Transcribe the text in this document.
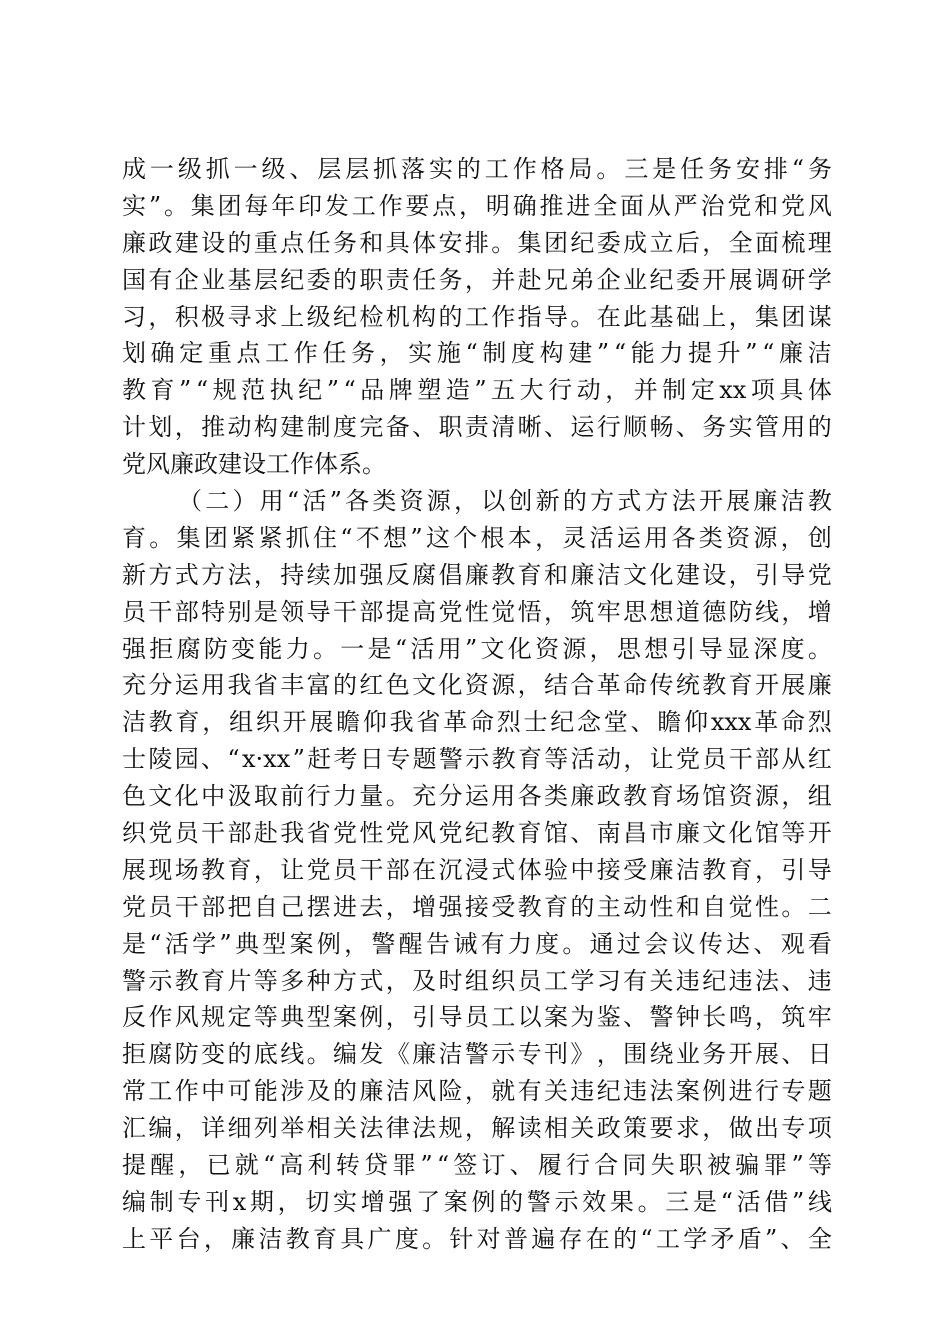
成 一 级 抓 一 级 、 层 层 抓 落 实 的 工 作 格 局 。 三 是 任 务 安 排 “ 务
实 ” 。 集 团 每 年 印 发 工 作 要 点 ， 明 确 推 进 全 面 从 严 治 党 和 党 风
廉 政 建 设 的 重 点 任 务 和 具 体 安 排 。 集 团 纪 委 成 立 后 ， 全 面 梳 理
国 有 企 业 基 层 纪 委 的 职 责 任 务 ， 并 赴 兄 弟 企 业 纪 委 开 展 调 研 学
习 ， 积 极 寻 求 上 级 纪 检 机 构 的 工 作 指 导 。 在 此 基 础 上 ， 集 团 谋
划 确 定 重 点 工 作 任 务 ， 实 施 “ 制 度 构 建 ” “ 能 力 提 升 ” “ 廉 洁
教 育 ” “ 规 范 执 纪 ” “ 品 牌 塑 造 ” 五 大 行 动 ， 并 制 定 xx 项 具 体
计 划 ， 推 动 构 建 制 度 完 备 、 职 责 清 晰 、 运 行 顺 畅 、 务 实 管 用 的
党风廉政建设工作体系。
（ 二 ） 用 “ 活 ” 各 类 资 源 ， 以 创 新 的 方 式 方 法 开 展 廉 洁 教
育 。 集 团 紧 紧 抓 住 “ 不 想 ” 这 个 根 本 ， 灵 活 运 用 各 类 资 源 ， 创
新 方 式 方 法 ， 持 续 加 强 反 腐 倡 廉 教 育 和 廉 洁 文 化 建 设 ， 引 导 党
员 干 部 特 别 是 领 导 干 部 提 高 党 性 觉 悟 ， 筑 牢 思 想 道 德 防 线 ， 增
强 拒 腐 防 变 能 力 。 一 是 “ 活 用 ” 文 化 资 源 ， 思 想 引 导 显 深 度 。
充 分 运 用 我 省 丰 富 的 红 色 文 化 资 源 ， 结 合 革 命 传 统 教 育 开 展 廉
洁 教 育 ， 组 织 开 展 瞻 仰 我 省 革 命 烈 士 纪 念 堂 、 瞻 仰 xxx 革 命 烈
士 陵 园 、 “ x·xx ” 赶 考 日 专 题 警 示 教 育 等 活 动 ， 让 党 员 干 部 从 红
色 文 化 中 汲 取 前 行 力 量 。 充 分 运 用 各 类 廉 政 教 育 场 馆 资 源 ， 组
织 党 员 干 部 赴 我 省 党 性 党 风 党 纪 教 育 馆 、 南 昌 市 廉 文 化 馆 等 开
展 现 场 教 育 ， 让 党 员 干 部 在 沉 浸 式 体 验 中 接 受 廉 洁 教 育 ， 引 导
党 员 干 部 把 自 己 摆 进 去 ， 增 强 接 受 教 育 的 主 动 性 和 自 觉 性 。 二
是 “ 活 学 ” 典 型 案 例 ， 警 醒 告 诫 有 力 度 。 通 过 会 议 传 达 、 观 看
警 示 教 育 片 等 多 种 方 式 ， 及 时 组 织 员 工 学 习 有 关 违 纪 违 法 、 违
反 作 风 规 定 等 典 型 案 例 ， 引 导 员 工 以 案 为 鉴 、 警 钟 长 鸣 ， 筑 牢
拒 腐 防 变 的 底 线 。 编 发 《 廉 洁 警 示 专 刊 》 ， 围 绕 业 务 开 展 、 日
常 工 作 中 可 能 涉 及 的 廉 洁 风 险 ， 就 有 关 违 纪 违 法 案 例 进 行 专 题
汇 编 ， 详 细 列 举 相 关 法 律 法 规 ， 解 读 相 关 政 策 要 求 ， 做 出 专 项
提 醒 ， 已 就 “ 高 利 转 贷 罪 ” “ 签 订 、 履 行 合 同 失 职 被 骗 罪 ” 等
编 制 专 刊 x 期 ， 切 实 增 强 了 案 例 的 警 示 效 果 。 三 是 “ 活 借 ” 线
上 平 台 ， 廉 洁 教 育 具 广 度 。 针 对 普 遍 存 在 的 “ 工 学 矛 盾 ” 、 全
